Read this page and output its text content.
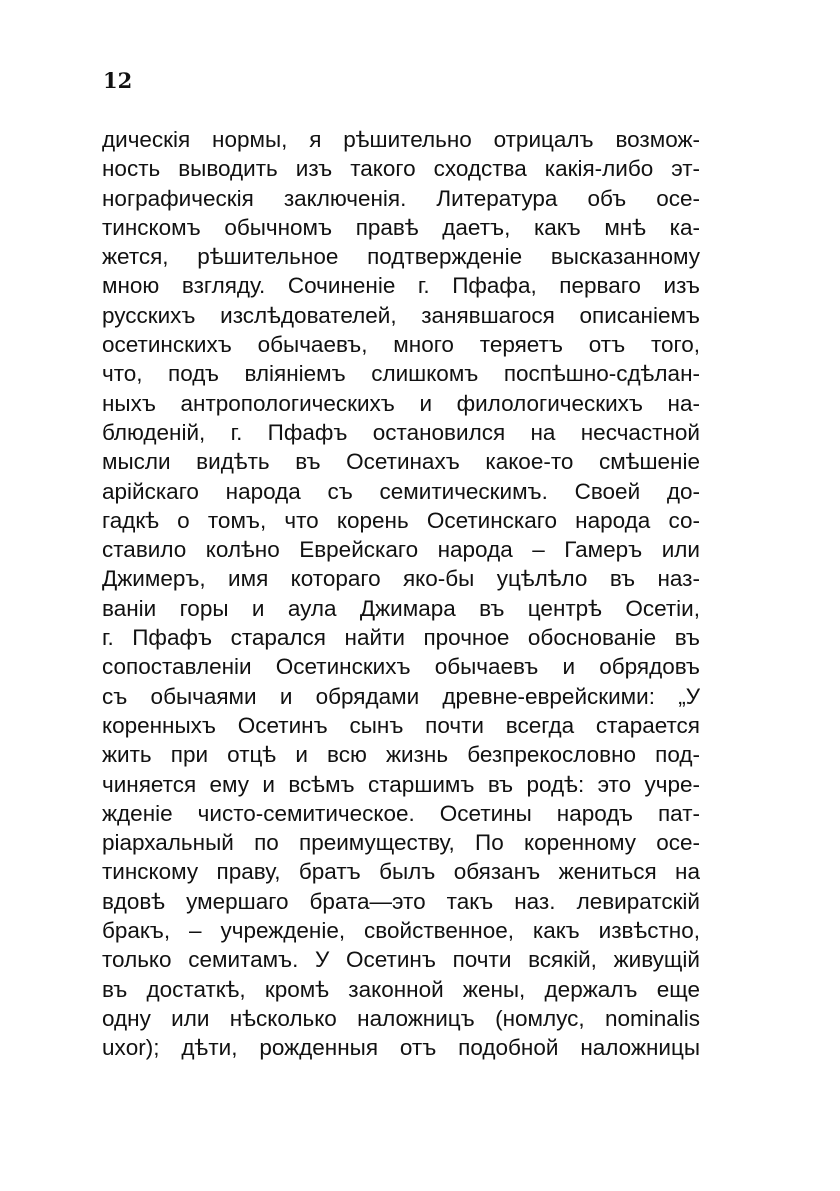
12
дическія нормы, я рѣшительно отрицалъ возмож-
ность выводить изъ такого сходства какія-либо эт-
нографическія заключенія. Литература объ осе-
тинскомъ обычномъ правѣ даетъ, какъ мнѣ ка-
жется, рѣшительное подтвержденіе высказанному
мною взгляду. Сочиненіе г. Пфафа, перваго изъ
русскихъ изслѣдователей, занявшагося описаніемъ
осетинскихъ обычаевъ, много теряетъ отъ того,
что, подъ вліяніемъ слишкомъ поспѣшно-сдѣлан-
ныхъ антропологическихъ и филологическихъ на-
блюденій, г. Пфафъ остановился на несчастной
мысли видѣть въ Осетинахъ какое-то смѣшеніе
арійскаго народа съ семитическимъ. Своей до-
гадкѣ о томъ, что корень Осетинскаго народа со-
ставило колѣно Еврейскаго народа – Гамеръ или
Джимеръ, имя котораго яко-бы уцѣлѣло въ наз-
ваніи горы и аула Джимара въ центрѣ Осетіи,
г. Пфафъ старался найти прочное обоснованіе въ
сопоставленіи Осетинскихъ обычаевъ и обрядовъ
съ обычаями и обрядами древне-еврейскими: „У
коренныхъ Осетинъ сынъ почти всегда старается
жить при отцѣ и всю жизнь безпрекословно под-
чиняется ему и всѣмъ старшимъ въ родѣ: это учре-
жденіе чисто-семитическое. Осетины народъ пат-
ріархальный по преимуществу, По коренному осе-
тинскому праву, братъ былъ обязанъ жениться на
вдовѣ умершаго брата—это такъ наз. левиратскій
бракъ, – учрежденіе, свойственное, какъ извѣстно,
только семитамъ. У Осетинъ почти всякій, живущій
въ достаткѣ, кромѣ законной жены, держалъ еще
одну или нѣсколько наложницъ (номлус, nominalis
uxor); дѣти, рожденныя отъ подобной наложницы
